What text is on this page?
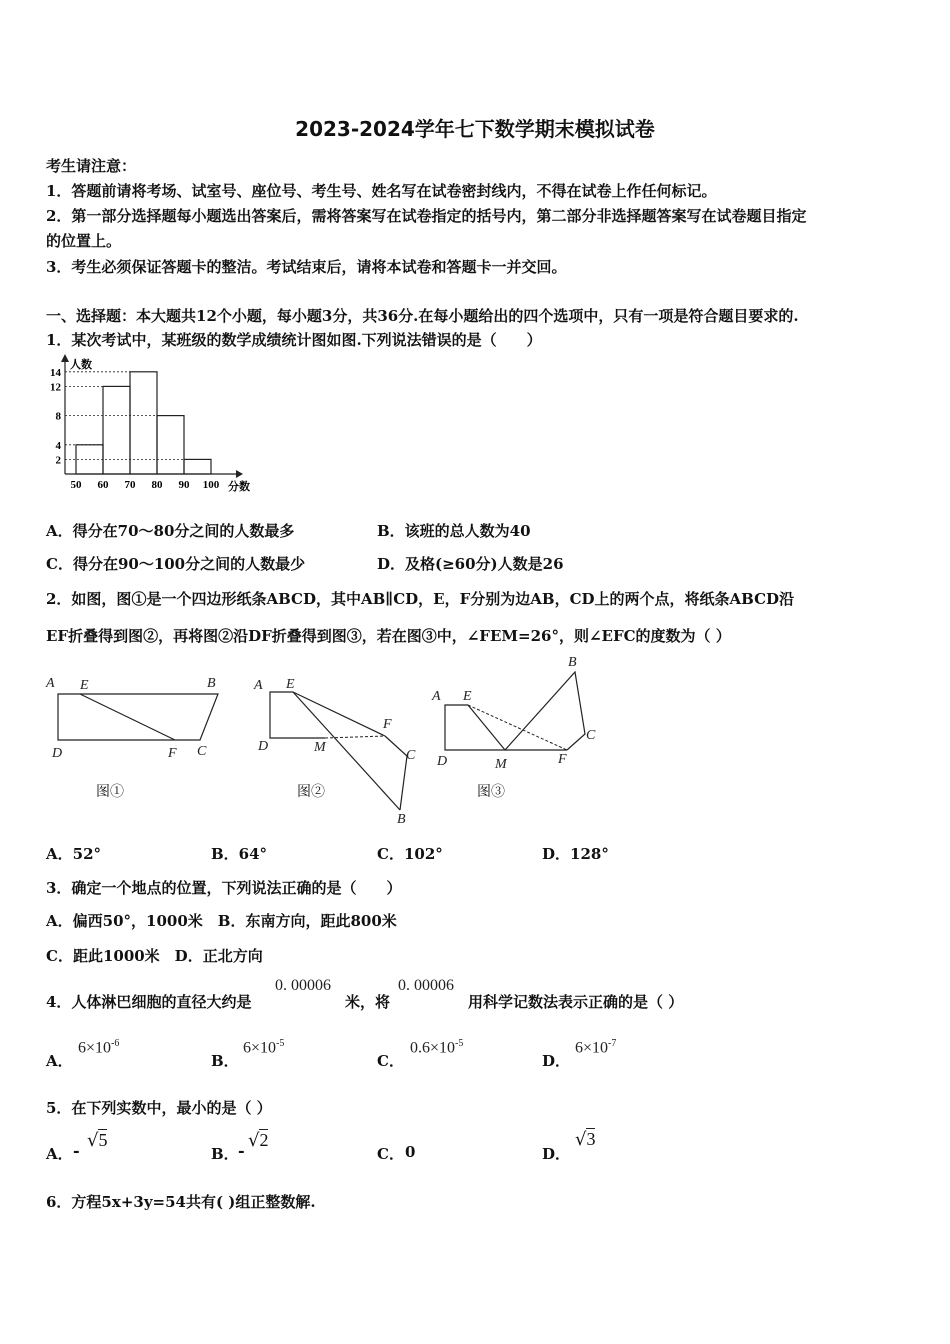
2023-2024学年七下数学期末模拟试卷
考生请注意：
1．答题前请将考场、试室号、座位号、考生号、姓名写在试卷密封线内，不得在试卷上作任何标记。
2．第一部分选择题每小题选出答案后，需将答案写在试卷指定的括号内，第二部分非选择题答案写在试卷题目指定
的位置上。
3．考生必须保证答题卡的整洁。考试结束后，请将本试卷和答题卡一并交回。
一、选择题：本大题共12个小题，每小题3分，共36分.在每小题给出的四个选项中，只有一项是符合题目要求的.
1．某次考试中，某班级的数学成绩统计图如图.下列说法错误的是（　　）
2
4
8
12
14
50 60 70 80 90 100
人数
分数
A．得分在70～80分之间的人数最多	B．该班的总人数为40
C．得分在90～100分之间的人数最少	D．及格(≥60分)人数是26
2．如图，图①是一个四边形纸条ABCD，其中AB∥CD，E，F分别为边AB，CD上的两个点，将纸条ABCD沿
EF折叠得到图②，再将图②沿DF折叠得到图③，若在图③中，∠FEM=26°，则∠EFC的度数为（ ）
A E	B
D	F C
A E
F
D	M
C
B
A E
B
C
D	M	F
图①	图②	图③
A．52°	B．64°	C．102°	D．128°
3．确定一个地点的位置，下列说法正确的是（　　）
A．偏西50°，1000米　B．东南方向，距此800米
C．距此1000米　D．正北方向
4．人体淋巴细胞的直径大约是
0. 00006
米，将
0. 00006
用科学记数法表示正确的是（ ）
A．
$6\times 10^{-6}$
B．
$6\times 10^{-5}$
C．
$0.6\times 10^{-5}$
D．
$6\times 10^{-7}$
5．在下列实数中，最小的是（ ）
A． - √5
B． - √2
C． 0	D．
√3
6．方程5x+3y=54共有( )组正整数解.
